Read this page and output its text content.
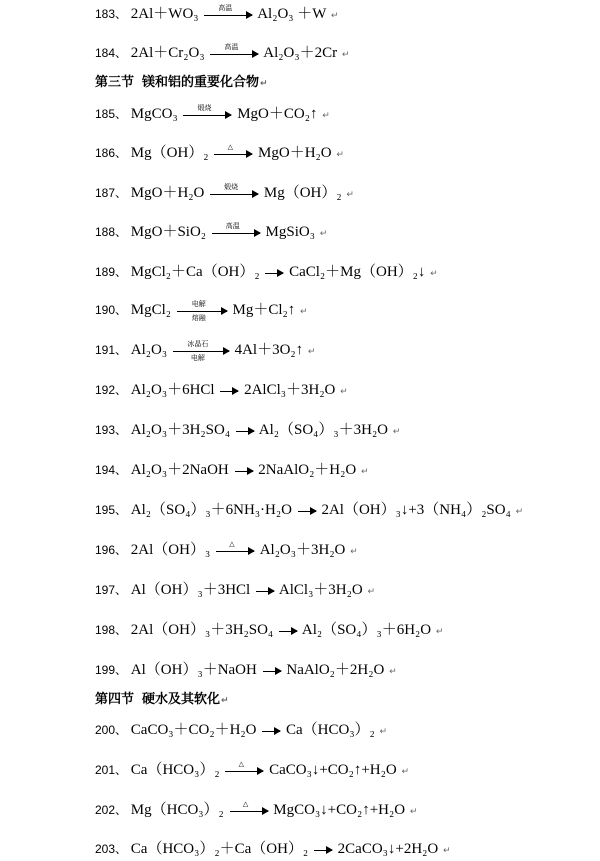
183 、 2Al＋WO₃	高温	Al₂O₃ ＋W ↵
184 、 2Al＋Cr₂O₃	高温	Al₂O₃＋2Cr ↵
第三节 镁和铝的重要化合物↵
185 、 MgCO₃	煅烧	MgO＋CO₂↑ ↵
186 、 Mg（OH）₂	△	MgO＋H₂O ↵
187 、 MgO＋H₂O	煅烧	Mg（OH）₂ ↵
188 、 MgO＋SiO₂	高温	MgSiO₃ ↵
189 、 MgCl₂＋Ca（OH）₂ CaCl₂＋Mg（OH）₂↓ ↵
190 、 MgCl₂	电解
熔融	Mg＋Cl₂↑ ↵
191 、 Al₂O₃	冰晶石
电解	4Al＋3O₂↑ ↵
192 、 Al₂O₃＋6HCl 2AlCl₃＋3H₂O ↵
193 、 Al₂O₃＋3H₂SO₄ Al₂（SO₄）₃＋3H₂O ↵
194 、 Al₂O₃＋2NaOH 2NaAlO₂＋H₂O ↵
195 、 Al₂（SO₄）₃＋6NH₃·H₂O 2Al（OH）₃↓+3（NH₄）₂SO₄ ↵
196 、 2Al（OH）₃	△	Al₂O₃＋3H₂O ↵
197 、 Al（OH）₃＋3HCl AlCl₃＋3H₂O ↵
198 、 2Al（OH）₃＋3H₂SO₄ Al₂（SO₄）₃＋6H₂O ↵
199 、 Al（OH）₃＋NaOH NaAlO₂＋2H₂O ↵
第四节 硬水及其软化↵
200 、 CaCO₃＋CO₂＋H₂O Ca（HCO₃）₂ ↵
201 、 Ca（HCO₃）₂	△	CaCO₃↓+CO₂↑+H₂O ↵
202 、 Mg（HCO₃）₂	△	MgCO₃↓+CO₂↑+H₂O ↵
203 、 Ca（HCO₃）₂＋Ca（OH）₂ 2CaCO₃↓+2H₂O ↵
